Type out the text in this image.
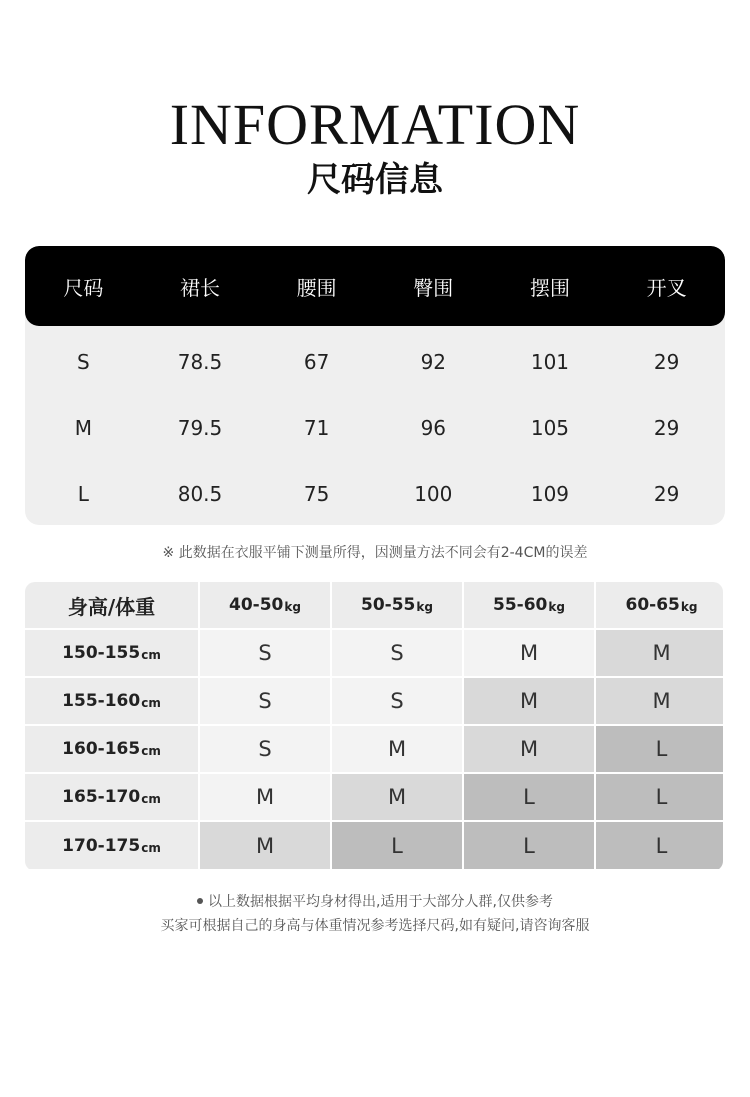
INFORMATION
尺码信息
尺码	裙长	腰围	臀围	摆围	开叉
S	78.5	67	92	101	29
M	79.5	71	96	105	29
L	80.5	75	100	109	29
※ 此数据在衣服平铺下测量所得，因测量方法不同会有2-4CM的误差
身高/体重	40-50 kg	50-55 kg	55-60 kg	60-65 kg
150-155 cm	S	S	M	M
155-160 cm	S	S	M	M
160-165 cm	S	M	M	L
165-170 cm	M	M	L	L
170-175 cm	M	L	L	L
以上数据根据平均身材得出,适用于大部分人群,仅供参考
买家可根据自己的身高与体重情况参考选择尺码,如有疑问,请咨询客服
